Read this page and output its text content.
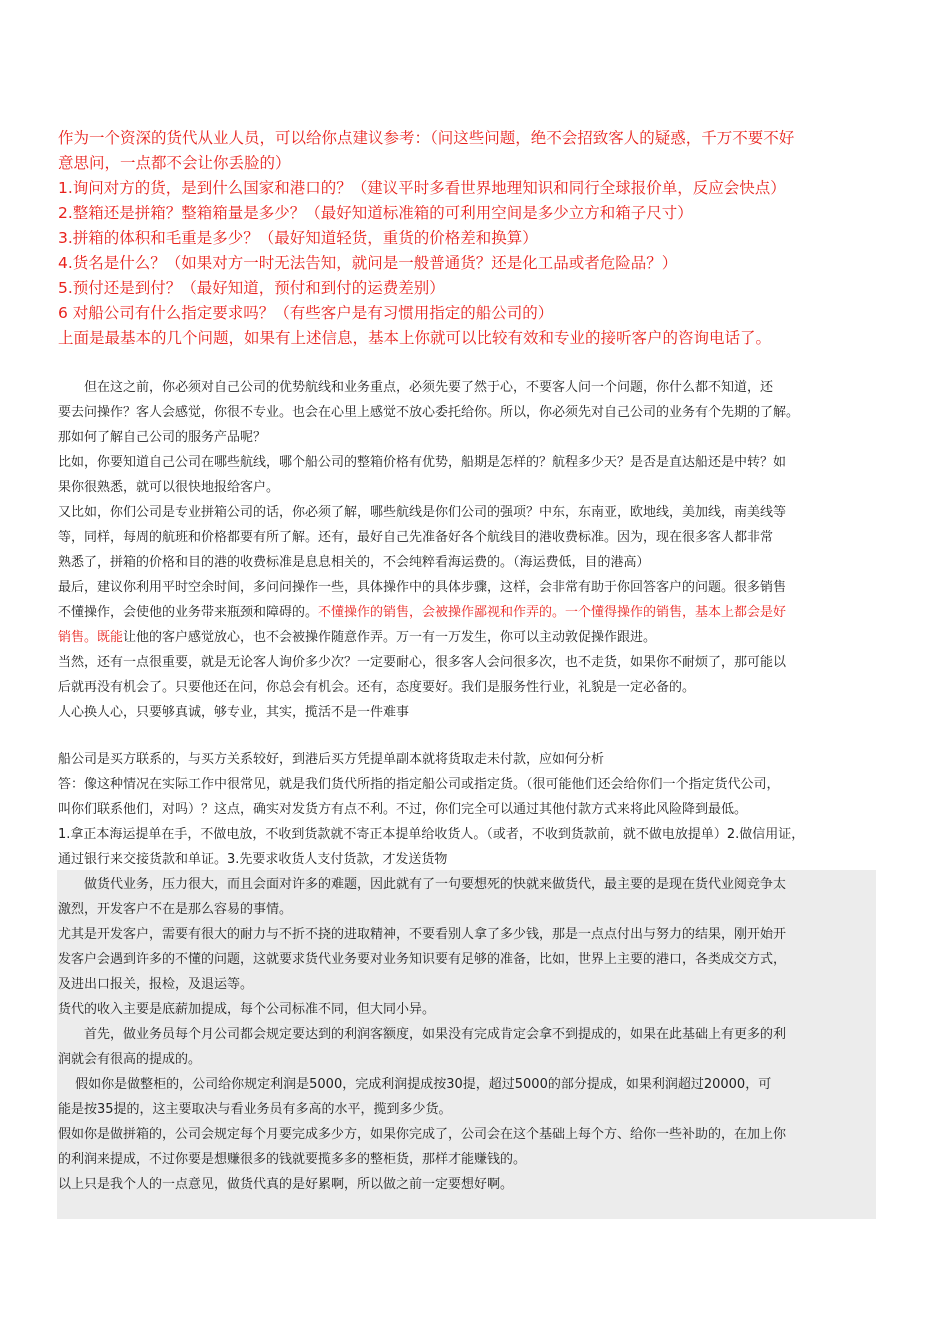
作为一个资深的货代从业人员，可以给你点建议参考：（问这些问题，绝不会招致客人的疑惑，千万不要不好

意思问，一点都不会让你丢脸的）

1.询问对方的货，是到什么国家和港口的？（建议平时多看世界地理知识和同行全球报价单，反应会快点）

2.整箱还是拼箱？整箱箱量是多少？（最好知道标准箱的可利用空间是多少立方和箱子尺寸）

3.拼箱的体积和毛重是多少？（最好知道轻货，重货的价格差和换算）

4.货名是什么？（如果对方一时无法告知，就问是一般普通货？还是化工品或者危险品？）

5.预付还是到付？（最好知道，预付和到付的运费差别）

6 对船公司有什么指定要求吗？（有些客户是有习惯用指定的船公司的）

上面是最基本的几个问题，如果有上述信息，基本上你就可以比较有效和专业的接听客户的咨询电话了。

　　但在这之前，你必须对自己公司的优势航线和业务重点，必须先要了然于心，不要客人问一个问题，你什么都不知道，还

要去问操作？客人会感觉，你很不专业。也会在心里上感觉不放心委托给你。所以，你必须先对自己公司的业务有个先期的了解。

那如何了解自己公司的服务产品呢？

比如，你要知道自己公司在哪些航线，哪个船公司的整箱价格有优势，船期是怎样的？航程多少天？是否是直达船还是中转？如

果你很熟悉，就可以很快地报给客户。

又比如，你们公司是专业拼箱公司的话，你必须了解，哪些航线是你们公司的强项？中东，东南亚，欧地线，美加线，南美线等

等，同样，每周的航班和价格都要有所了解。还有，最好自己先准备好各个航线目的港收费标准。因为，现在很多客人都非常

熟悉了，拼箱的价格和目的港的收费标准是息息相关的，不会纯粹看海运费的。（海运费低，目的港高）

最后，建议你利用平时空余时间，多问问操作一些，具体操作中的具体步骤，这样，会非常有助于你回答客户的问题。很多销售

不懂操作，会使他的业务带来瓶颈和障碍的。不懂操作的销售，会被操作鄙视和作弄的。一个懂得操作的销售，基本上都会是好

销售。既能让他的客户感觉放心，也不会被操作随意作弄。万一有一万发生，你可以主动敦促操作跟进。

当然，还有一点很重要，就是无论客人询价多少次？一定要耐心，很多客人会问很多次，也不走货，如果你不耐烦了，那可能以

后就再没有机会了。只要他还在问，你总会有机会。还有，态度要好。我们是服务性行业，礼貌是一定必备的。

人心换人心，只要够真诚，够专业，其实，揽活不是一件难事

船公司是买方联系的，与买方关系较好，到港后买方凭提单副本就将货取走未付款，应如何分析

答：像这种情况在实际工作中很常见，就是我们货代所指的指定船公司或指定货。（很可能他们还会给你们一个指定货代公司，

叫你们联系他们，对吗）？这点，确实对发货方有点不利。不过，你们完全可以通过其他付款方式来将此风险降到最低。

1.拿正本海运提单在手，不做电放，不收到货款就不寄正本提单给收货人。（或者，不收到货款前，就不做电放提单）2.做信用证，

通过银行来交接货款和单证。3.先要求收货人支付货款，才发送货物

　　做货代业务，压力很大，而且会面对许多的难题，因此就有了一句要想死的快就来做货代，最主要的是现在货代业阅竞争太

激烈，开发客户不在是那么容易的事情。

尤其是开发客户，需要有很大的耐力与不折不挠的进取精神，不要看别人拿了多少钱，那是一点点付出与努力的结果，刚开始开

发客户会遇到许多的不懂的问题，这就要求货代业务要对业务知识要有足够的准备，比如，世界上主要的港口，各类成交方式，

及进出口报关，报检，及退运等。

货代的收入主要是底薪加提成，每个公司标准不同，但大同小异。

　　首先，做业务员每个月公司都会规定要达到的利润客额度，如果没有完成肯定会拿不到提成的，如果在此基础上有更多的利

润就会有很高的提成的。

　 假如你是做整柜的，公司给你规定利润是5000，完成利润提成按30提，超过5000的部分提成，如果利润超过20000，可

能是按35提的，这主要取决与看业务员有多高的水平，揽到多少货。

假如你是做拼箱的，公司会规定每个月要完成多少方，如果你完成了，公司会在这个基础上每个方、给你一些补助的，在加上你

的利润来提成，不过你要是想赚很多的钱就要揽多多的整柜货，那样才能赚钱的。

以上只是我个人的一点意见，做货代真的是好累啊，所以做之前一定要想好啊。
